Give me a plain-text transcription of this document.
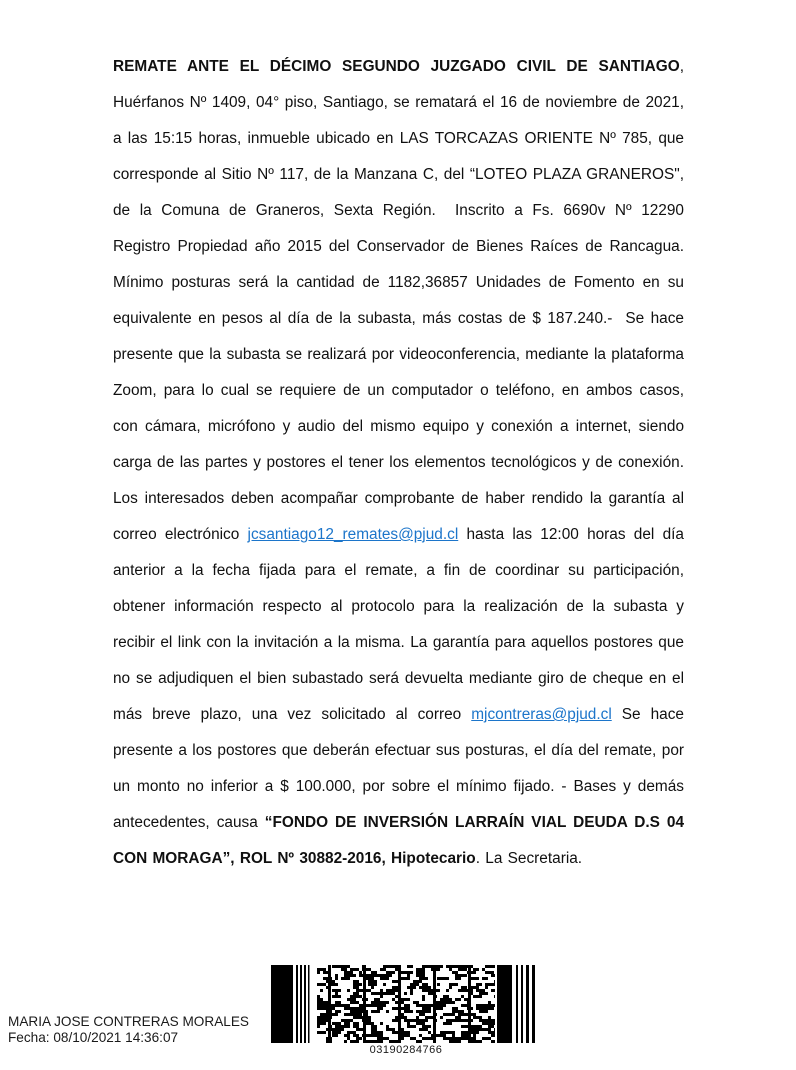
REMATE ANTE EL DÉCIMO SEGUNDO JUZGADO CIVIL DE SANTIAGO, Huérfanos Nº 1409, 04° piso, Santiago, se rematará el 16 de noviembre de 2021, a las 15:15 horas, inmueble ubicado en LAS TORCAZAS ORIENTE Nº 785, que corresponde al Sitio Nº 117, de la Manzana C, del “LOTEO PLAZA GRANEROS", de la Comuna de Graneros, Sexta Región.  Inscrito a Fs. 6690v Nº 12290 Registro Propiedad año 2015 del Conservador de Bienes Raíces de Rancagua. Mínimo posturas será la cantidad de 1182,36857 Unidades de Fomento en su equivalente en pesos al día de la subasta, más costas de $ 187.240.-  Se hace presente que la subasta se realizará por videoconferencia, mediante la plataforma Zoom, para lo cual se requiere de un computador o teléfono, en ambos casos, con cámara, micrófono y audio del mismo equipo y conexión a internet, siendo carga de las partes y postores el tener los elementos tecnológicos y de conexión. Los interesados deben acompañar comprobante de haber rendido la garantía al correo electrónico jcsantiago12_remates@pjud.cl hasta las 12:00 horas del día anterior a la fecha fijada para el remate, a fin de coordinar su participación, obtener información respecto al protocolo para la realización de la subasta y recibir el link con la invitación a la misma. La garantía para aquellos postores que no se adjudiquen el bien subastado será devuelta mediante giro de cheque en el más breve plazo, una vez solicitado al correo mjcontreras@pjud.cl Se hace presente a los postores que deberán efectuar sus posturas, el día del remate, por un monto no inferior a $ 100.000, por sobre el mínimo fijado. - Bases y demás antecedentes, causa “FONDO DE INVERSIÓN LARRAÍN VIAL DEUDA D.S 04 CON MORAGA”, ROL Nº 30882-2016, Hipotecario. La Secretaria.

MARIA JOSE CONTRERAS MORALES
Fecha: 08/10/2021 14:36:07
03190284766
